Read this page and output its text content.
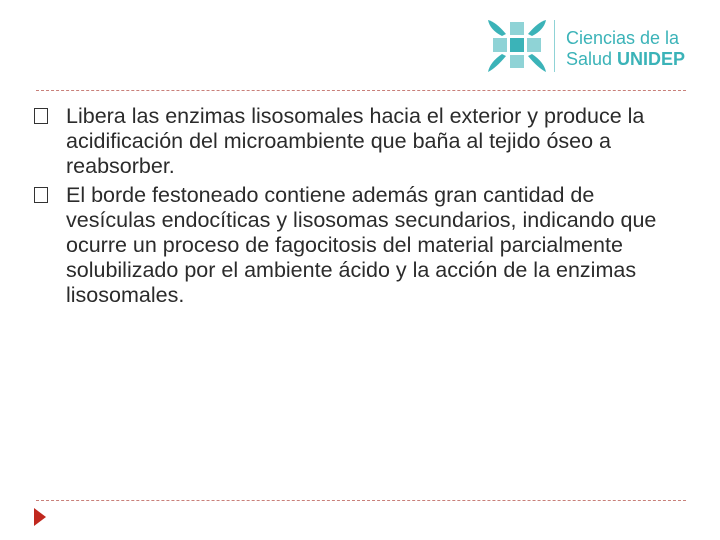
Ciencias de la
Salud UNIDEP
Libera las enzimas lisosomales hacia el exterior y produce la acidificación del microambiente que baña al tejido óseo a reabsorber.
El borde festoneado contiene además gran cantidad de vesículas endocíticas y lisosomas secundarios, indicando que ocurre un proceso de fagocitosis del material parcialmente solubilizado por el ambiente ácido y la acción de la enzimas lisosomales.
